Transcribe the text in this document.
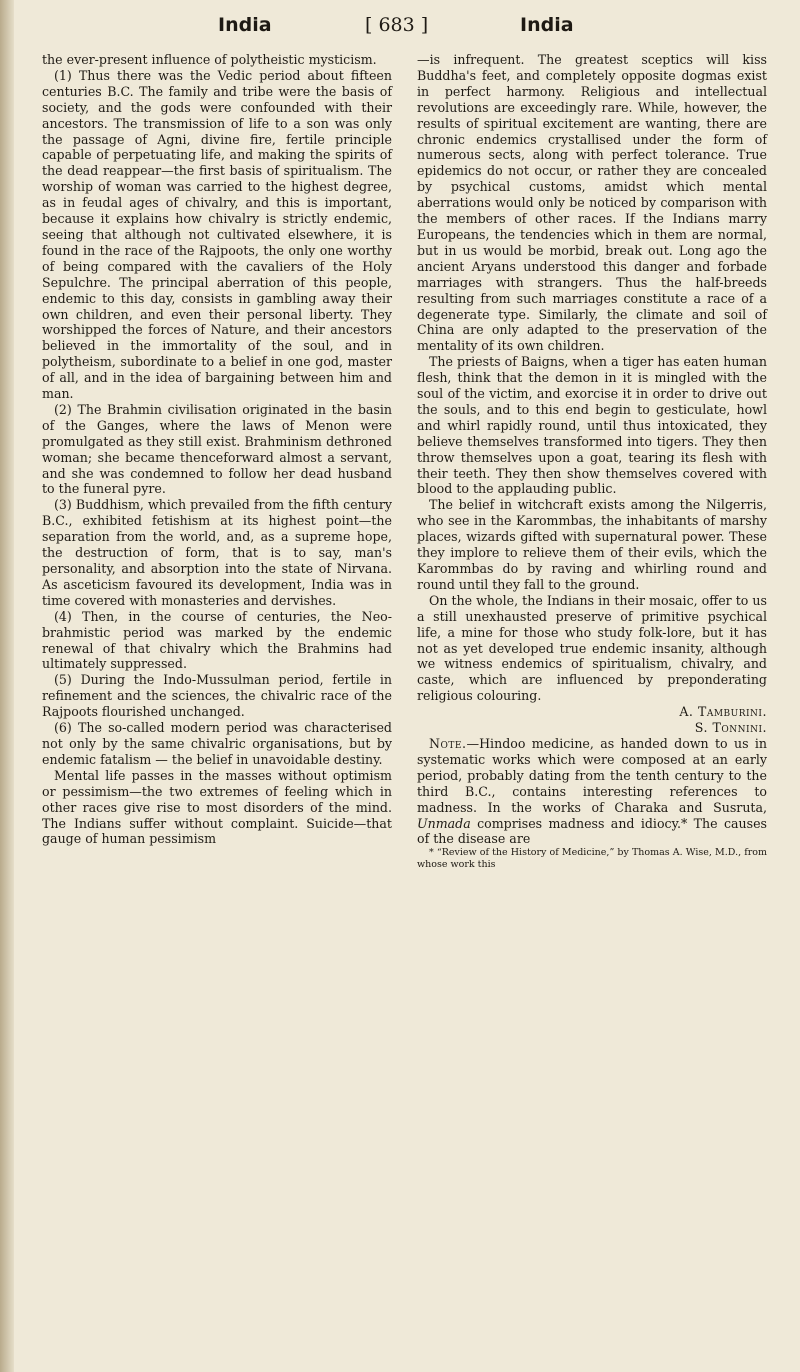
India	[ 683 ]	India

the ever-present influence of polytheistic mysticism.

(1) Thus there was the Vedic period about fifteen centuries B.C. The family and tribe were the basis of society, and the gods were confounded with their ancestors. The transmission of life to a son was only the passage of Agni, divine fire, fertile principle capable of perpetuating life, and making the spirits of the dead reappear—the first basis of spiritualism. The worship of woman was carried to the highest degree, as in feudal ages of chivalry, and this is important, because it explains how chivalry is strictly endemic, seeing that although not cultivated elsewhere, it is found in the race of the Rajpoots, the only one worthy of being compared with the cavaliers of the Holy Sepulchre. The principal aberration of this people, endemic to this day, consists in gambling away their own children, and even their personal liberty. They worshipped the forces of Nature, and their ancestors believed in the immortality of the soul, and in polytheism, subordinate to a belief in one god, master of all, and in the idea of bargaining between him and man.

(2) The Brahmin civilisation originated in the basin of the Ganges, where the laws of Menon were promulgated as they still exist. Brahminism dethroned woman; she became thenceforward almost a servant, and she was condemned to follow her dead husband to the funeral pyre.

(3) Buddhism, which prevailed from the fifth century B.C., exhibited fetishism at its highest point—the separation from the world, and, as a supreme hope, the destruction of form, that is to say, man's personality, and absorption into the state of Nirvana. As asceticism favoured its development, India was in time covered with monasteries and dervishes.

(4) Then, in the course of centuries, the Neo-brahmistic period was marked by the endemic renewal of that chivalry which the Brahmins had ultimately suppressed.

(5) During the Indo-Mussulman period, fertile in refinement and the sciences, the chivalric race of the Rajpoots flourished unchanged.

(6) The so-called modern period was characterised not only by the same chivalric organisations, but by endemic fatalism — the belief in unavoidable destiny.

Mental life passes in the masses without optimism or pessimism—the two extremes of feeling which in other races give rise to most disorders of the mind. The Indians suffer without complaint. Suicide—that gauge of human pessimism

—is infrequent. The greatest sceptics will kiss Buddha's feet, and completely opposite dogmas exist in perfect harmony. Religious and intellectual revolutions are exceedingly rare. While, however, the results of spiritual excitement are wanting, there are chronic endemics crystallised under the form of numerous sects, along with perfect tolerance. True epidemics do not occur, or rather they are concealed by psychical customs, amidst which mental aberrations would only be noticed by comparison with the members of other races. If the Indians marry Europeans, the tendencies which in them are normal, but in us would be morbid, break out. Long ago the ancient Aryans understood this danger and forbade marriages with strangers. Thus the half-breeds resulting from such marriages constitute a race of a degenerate type. Similarly, the climate and soil of China are only adapted to the preservation of the mentality of its own children.

The priests of Baigns, when a tiger has eaten human flesh, think that the demon in it is mingled with the soul of the victim, and exorcise it in order to drive out the souls, and to this end begin to gesticulate, howl and whirl rapidly round, until thus intoxicated, they believe themselves transformed into tigers. They then throw themselves upon a goat, tearing its flesh with their teeth. They then show themselves covered with blood to the applauding public.

The belief in witchcraft exists among the Nilgerris, who see in the Karommbas, the inhabitants of marshy places, wizards gifted with supernatural power. These they implore to relieve them of their evils, which the Karommbas do by raving and whirling round and round until they fall to the ground.

On the whole, the Indians in their mosaic, offer to us a still unexhausted preserve of primitive psychical life, a mine for those who study folk-lore, but it has not as yet developed true endemic insanity, although we witness endemics of spiritualism, chivalry, and caste, which are influenced by preponderating religious colouring.

A. Tamburini.

S. Tonnini.

Note.—Hindoo medicine, as handed down to us in systematic works which were composed at an early period, probably dating from the tenth century to the third B.C., contains interesting references to madness. In the works of Charaka and Susruta, Unmada comprises madness and idiocy.* The causes of the disease are

* “Review of the History of Medicine,” by Thomas A. Wise, M.D., from whose work this
